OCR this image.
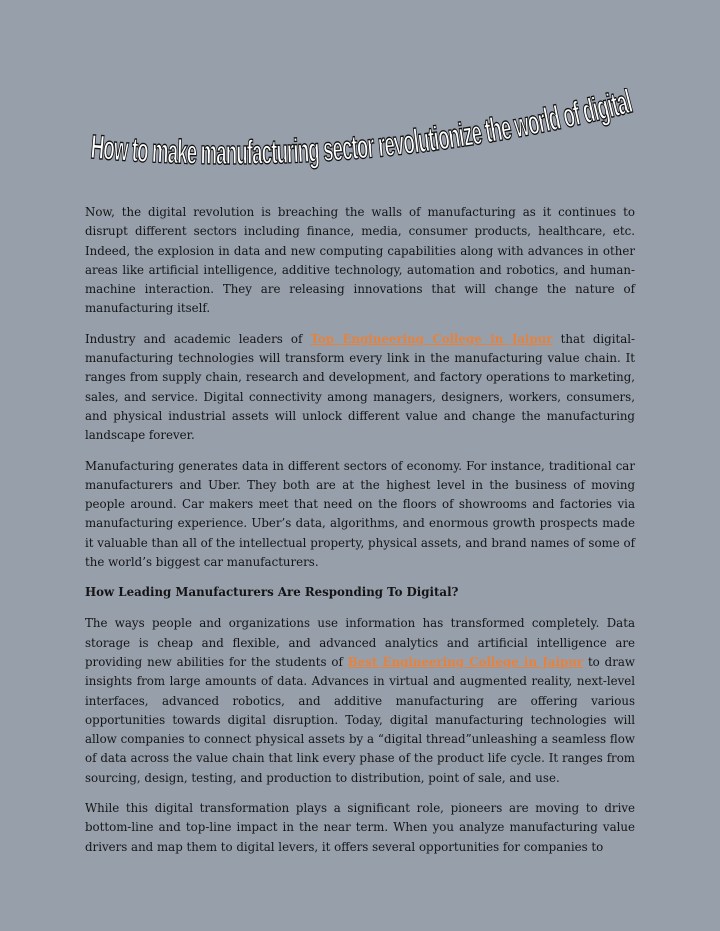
How to make manufacturing sector revolutionize the world of digital

Now, the digital revolution is breaching the walls of manufacturing as it continues to disrupt different sectors including finance, media, consumer products, healthcare, etc. Indeed, the explosion in data and new computing capabilities along with advances in other areas like artificial intelligence, additive technology, automation and robotics, and human-machine interaction. They are releasing innovations that will change the nature of manufacturing itself.

Industry and academic leaders of Top Engineering College in Jaipur that digital-manufacturing technologies will transform every link in the manufacturing value chain. It ranges from supply chain, research and development, and factory operations to marketing, sales, and service. Digital connectivity among managers, designers, workers, consumers, and physical industrial assets will unlock different value and change the manufacturing landscape forever.

Manufacturing generates data in different sectors of economy. For instance, traditional car manufacturers and Uber. They both are at the highest level in the business of moving people around. Car makers meet that need on the floors of showrooms and factories via manufacturing experience. Uber’s data, algorithms, and enormous growth prospects made it valuable than all of the intellectual property, physical assets, and brand names of some of the world’s biggest car manufacturers.

How Leading Manufacturers Are Responding To Digital?

The ways people and organizations use information has transformed completely. Data storage is cheap and flexible, and advanced analytics and artificial intelligence are providing new abilities for the students of Best Engineering College in Jaipur to draw insights from large amounts of data. Advances in virtual and augmented reality, next-level interfaces, advanced robotics, and additive manufacturing are offering various opportunities towards digital disruption. Today, digital manufacturing technologies will allow companies to connect physical assets by a “digital thread”unleashing a seamless flow of data across the value chain that link every phase of the product life cycle. It ranges from sourcing, design, testing, and production to distribution, point of sale, and use.

While this digital transformation plays a significant role, pioneers are moving to drive bottom-line and top-line impact in the near term. When you analyze manufacturing value drivers and map them to digital levers, it offers several opportunities for companies to
